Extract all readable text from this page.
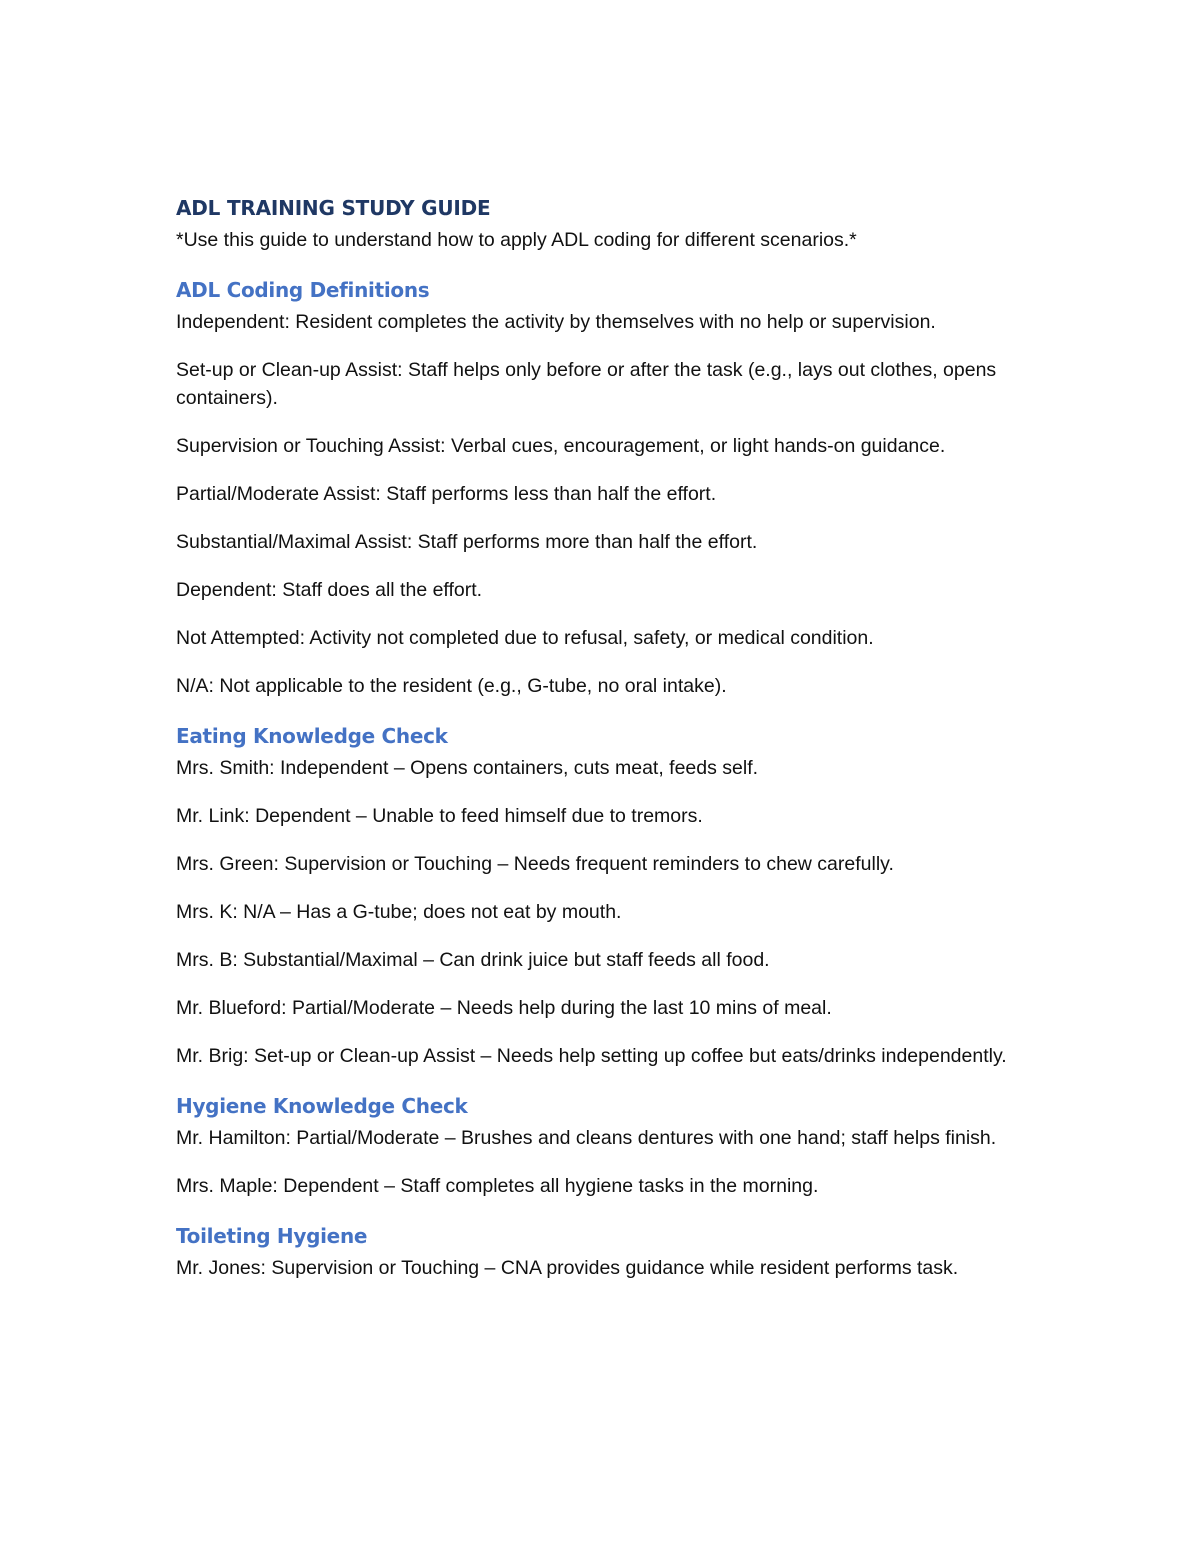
ADL TRAINING STUDY GUIDE

*Use this guide to understand how to apply ADL coding for different scenarios.*

ADL Coding Definitions

Independent: Resident completes the activity by themselves with no help or supervision.

Set-up or Clean-up Assist: Staff helps only before or after the task (e.g., lays out clothes, opens containers).

Supervision or Touching Assist: Verbal cues, encouragement, or light hands-on guidance.

Partial/Moderate Assist: Staff performs less than half the effort.

Substantial/Maximal Assist: Staff performs more than half the effort.

Dependent: Staff does all the effort.

Not Attempted: Activity not completed due to refusal, safety, or medical condition.

N/A: Not applicable to the resident (e.g., G-tube, no oral intake).

Eating Knowledge Check

Mrs. Smith: Independent – Opens containers, cuts meat, feeds self.

Mr. Link: Dependent – Unable to feed himself due to tremors.

Mrs. Green: Supervision or Touching – Needs frequent reminders to chew carefully.

Mrs. K: N/A – Has a G-tube; does not eat by mouth.

Mrs. B: Substantial/Maximal – Can drink juice but staff feeds all food.

Mr. Blueford: Partial/Moderate – Needs help during the last 10 mins of meal.

Mr. Brig: Set-up or Clean-up Assist – Needs help setting up coffee but eats/drinks independently.

Hygiene Knowledge Check

Mr. Hamilton: Partial/Moderate – Brushes and cleans dentures with one hand; staff helps finish.

Mrs. Maple: Dependent – Staff completes all hygiene tasks in the morning.

Toileting Hygiene

Mr. Jones: Supervision or Touching – CNA provides guidance while resident performs task.
